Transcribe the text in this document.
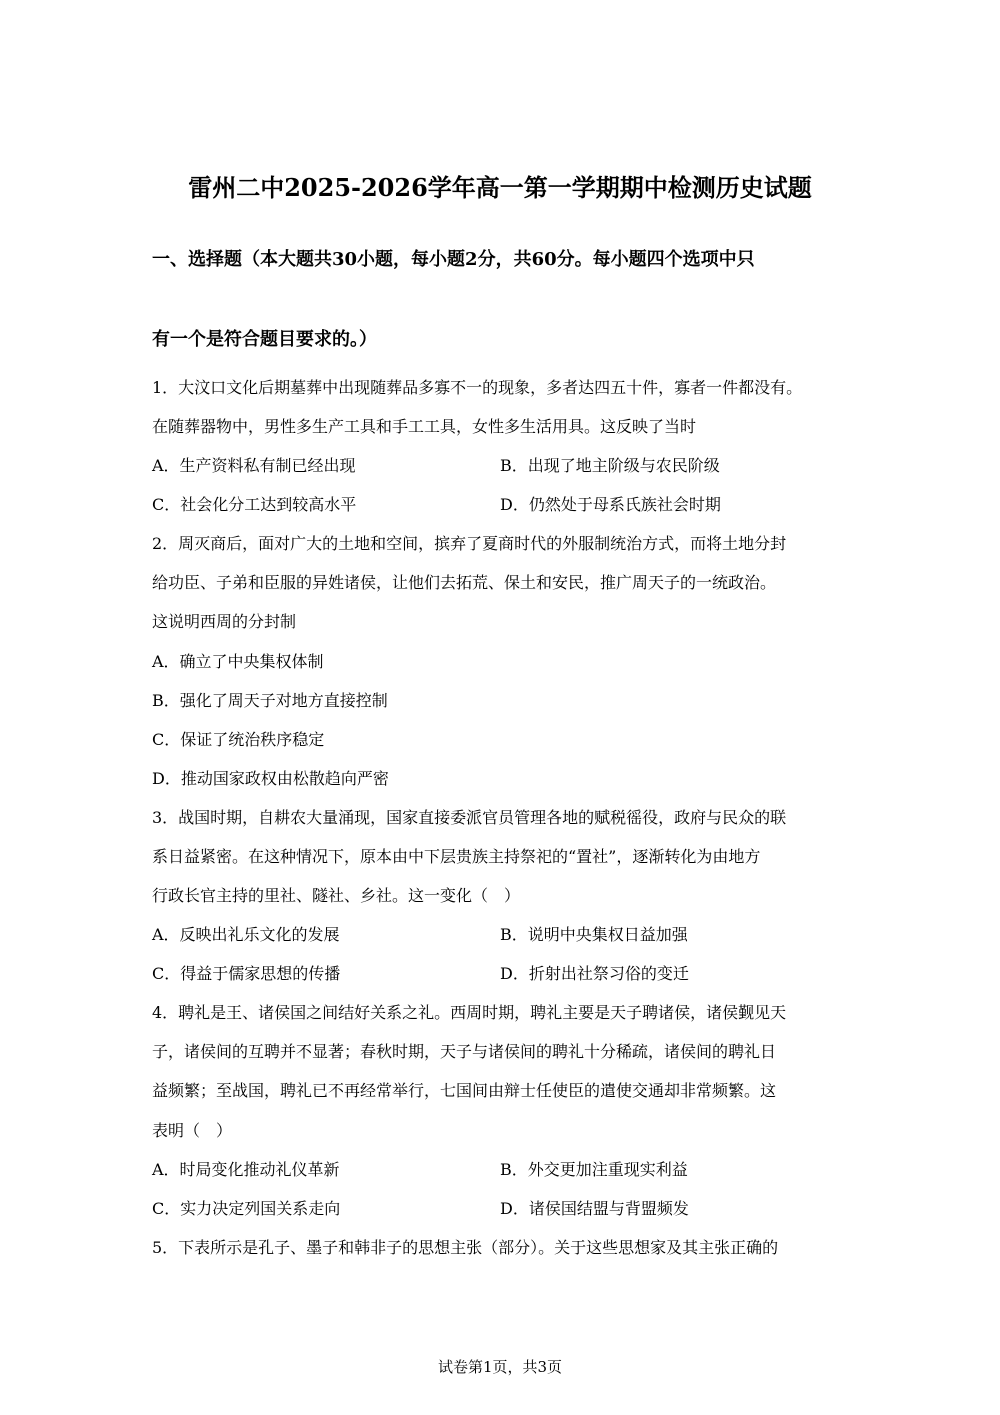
雷州二中2025-2026学年高一第一学期期中检测历史试题
一、选择题（本大题共30小题，每小题2分，共60分。每小题四个选项中只
有一个是符合题目要求的。）
1．大汶口文化后期墓葬中出现随葬品多寡不一的现象，多者达四五十件，寡者一件都没有。
在随葬器物中，男性多生产工具和手工工具，女性多生活用具。这反映了当时
A．生产资料私有制已经出现	B．出现了地主阶级与农民阶级
C．社会化分工达到较高水平	D．仍然处于母系氏族社会时期
2．周灭商后，面对广大的土地和空间，摈弃了夏商时代的外服制统治方式，而将土地分封
给功臣、子弟和臣服的异姓诸侯，让他们去拓荒、保土和安民，推广周天子的一统政治。
这说明西周的分封制
A．确立了中央集权体制
B．强化了周天子对地方直接控制
C．保证了统治秩序稳定
D．推动国家政权由松散趋向严密
3．战国时期，自耕农大量涌现，国家直接委派官员管理各地的赋税徭役，政府与民众的联
系日益紧密。在这种情况下，原本由中下层贵族主持祭祀的“置社”，逐渐转化为由地方
行政长官主持的里社、隧社、乡社。这一变化（　）
A．反映出礼乐文化的发展	B．说明中央集权日益加强
C．得益于儒家思想的传播	D．折射出社祭习俗的变迁
4．聘礼是王、诸侯国之间结好关系之礼。西周时期，聘礼主要是天子聘诸侯，诸侯觐见天
子，诸侯间的互聘并不显著；春秋时期，天子与诸侯间的聘礼十分稀疏，诸侯间的聘礼日
益频繁；至战国，聘礼已不再经常举行，七国间由辩士任使臣的遣使交通却非常频繁。这
表明（　）
A．时局变化推动礼仪革新	B．外交更加注重现实利益
C．实力决定列国关系走向	D．诸侯国结盟与背盟频发
5．下表所示是孔子、墨子和韩非子的思想主张（部分）。关于这些思想家及其主张正确的
试卷第1页，共3页
